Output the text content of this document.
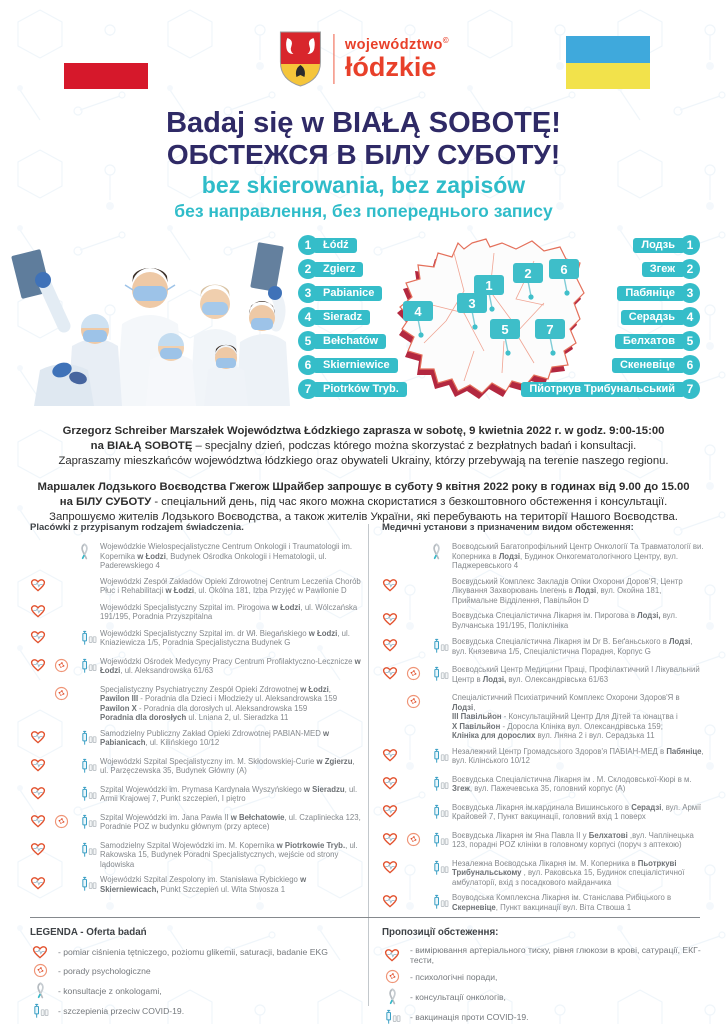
województwo©
łódzkie
Badaj się w BIAŁĄ SOBOTĘ!
ОБСТЕЖСЯ В БІЛУ СУБОТУ!
bez skierowania, bez zapisów
без направлення, без попереднього запису
1	Łódź
2	Zgierz
3	Pabianice
4	Sieradz
5	Bełchatów
6	Skierniewice
7	Piotrków Tryb.
1
2
3
4
5
6
7
Лодзь 1
Згеж 2
Пабяніце 3
Серадзь 4
Белхатов 5
Скеневіце 6
Пйотркув Трибунальський 7

Grzegorz Schreiber Marszałek Województwa Łódzkiego zaprasza w sobotę, 9 kwietnia 2022 r. w godz. 9:00-15:00
na BIAŁĄ SOBOTĘ – specjalny dzień, podczas którego można skorzystać z bezpłatnych badań i konsultacji.
Zapraszamy mieszkańców województwa łódzkiego oraz obywateli Ukrainy, którzy przebywają na terenie naszego regionu.

Маршалек Лодзького Воєводства Гжегож Шрайбер запрошує в суботу 9 квітня 2022 року в годинах від 9.00 до 15.00
на БІЛУ СУБОТУ - спеціальний день, під час якого можна скористатися з безкоштовного обстеження і консультації.
Запрошуємо жителів Лодзького Воєводства, а також жителів України, які перебувають на території Нашого Воєводства.

Placówki z przypisanym rodzajem świadczenia.
Wojewódzkie Wielospecjalistyczne Centrum Onkologii i Traumatologii im. Kopernika w Łodzi, Budynek Ośrodka Onkologii i Hematologii, ul. Paderewskiego 4
Wojewódzki Zespół Zakładów Opieki Zdrowotnej Centrum Leczenia Chorób Płuc i Rehabilitacji w Łodzi, ul. Okólna 181, Izba Przyjęć w Pawilonie D
Wojewódzki Specjalistyczny Szpital im. Pirogowa w Łodzi, ul. Wólczańska 191/195, Poradnia Przyszpitalna
Wojewódzki Specjalistyczny Szpital im. dr Wł. Biegańskiego w Łodzi, ul. Kniaziewicza 1/5, Poradnia Specjalistyczna Budynek G
Wojewódzki Ośrodek Medycyny Pracy Centrum Profilaktyczno-Lecznicze w Łodzi, ul. Aleksandrowska 61/63
Specjalistyczny Psychiatryczny Zespół Opieki Zdrowotnej w Łodzi,
Pawilon III - Poradnia dla Dzieci i Młodzieży ul. Aleksandrowska 159
Pawilon X - Poradnia dla dorosłych ul. Aleksandrowska 159
Poradnia dla dorosłych ul. Lniana 2, ul. Sieradzka 11
Samodzielny Publiczny Zakład Opieki Zdrowotnej PABIAN-MED w Pabianicach, ul. Kilińskiego 10/12
Wojewódzki Szpital Specjalistyczny im. M. Skłodowskiej-Curie w Zgierzu, ul. Parzęczewska 35, Budynek Główny (A)
Szpital Wojewódzki im. Prymasa Kardynała Wyszyńskiego w Sieradzu, ul. Armii Krajowej 7, Punkt szczepień, I piętro
Szpital Wojewódzki im. Jana Pawła II w Bełchatowie, ul. Czapliniecka 123, Poradnie POZ w budynku głównym (przy aptece)
Samodzielny Szpital Wojewódzki im. M. Kopernika w Piotrkowie Tryb., ul. Rakowska 15, Budynek Poradni Specjalistycznych, wejście od strony lądowiska
Wojewódzki Szpital Zespolony im. Stanisława Rybickiego w Skierniewicach, Punkt Szczepień ul. Wita Stwosza 1
Медичні установи з призначеним видом обстеження:
Воєводський Багатопрофільний Центр Онкології Та Травматології ви. Коперника в Лодзі, Будинок Онкогематологічного Центру, вул. Паджеревського 4
Воєвудський Комплекс Закладів Опіки Охорони Доров'Я, Центр Лікування Захворювань Ілегень в Лодзі, вул. Окойна 181, Приймальне Відділення, Павільйон D
Воєвудська Спеціалістична Лікарня ім. Пирогова в Лодзі, вул. Вулчанська 191/195, Поліклініка
Воєвудська Спеціалістична Лікарня ім Dr B. Беґаньського в Лодзі, вул. Князевича 1/5, Спеціалістична Порадня, Корпус G
Воєводський Центр Медицини Праці, Профілактичний І Лікувальний Центр в Лодзі, вул. Олександрівська 61/63
Спеціалістичний Психіатричний Комплекс Охорони Здоров'Я в Лодзі,
ІІІ Павільйон - Консультаційний Центр Для Дітей та юнацтва і
Х Павільйон - Доросла Клініка вул. Олександрівська 159;
Клініка для дорослих вул. Лняна 2 і вул. Серадзька 11
Незалежний Центр Громадського Здоров'я ПАБІАН-МЕД в Пабяніце, вул. Кілінського 10/12
Воєвудська Спеціалістична Лікарня ім . М. Склодовської-Кюрі в м. Згеж, вул. Пажечевська 35, головний корпус (А)
Воєвудська Лікарня ім.кардинала Вишинського в Серадзі, вул. Армії Крайовей 7, Пункт вакцинації, головний вхід 1 поверх
Воєвудська Лікарня ім Яна Павла ІІ у Белхатові ,вул. Чаплінецька 123, порадні POZ клініки в головному корпусі (поруч з аптекою)
Незалежна Воєводська Лікарня ім. М. Коперника в Пьотркуві Трибунальському , вул. Раковська 15, Будинок спеціалістичної амбулаторії, вхід з посадкового майданчика
Воуводська Комплексна Лікарня ім. Станіслава Рибіцького в Скерневіце, Пункт вакцинації вул. Віта Ствоша 1
LEGENDA - Oferta badań
- pomiar ciśnienia tętniczego, poziomu glikemii, saturacji, badanie EKG
- porady psychologiczne
- konsultacje z onkologami,
- szczepienia przeciw COVID-19.
Пропозиції обстеження:
- вимірювання артеріального тиску, рівня глюкози в крові, сатурації, ЕКГ-тести,
- психологічні поради,
- консультації онкологів,
- вакцинація проти COVID-19.
